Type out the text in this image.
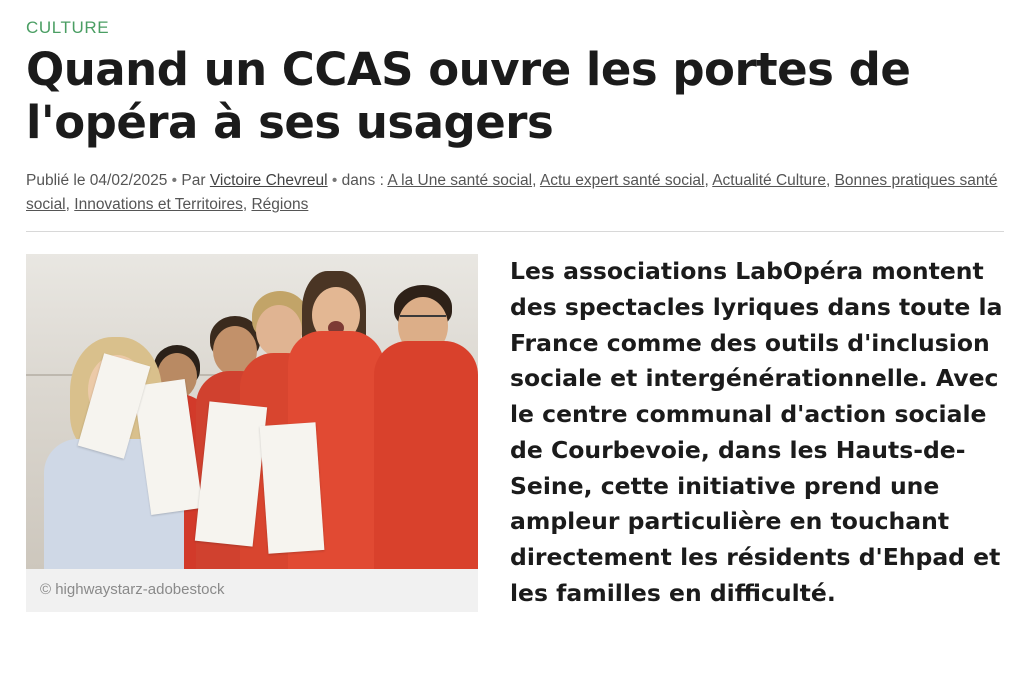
CULTURE
Quand un CCAS ouvre les portes de l'opéra à ses usagers
Publié le 04/02/2025 • Par Victoire Chevreul • dans : A la Une santé social, Actu expert santé social, Actualité Culture, Bonnes pratiques santé social, Innovations et Territoires, Régions
© highwaystarz-adobestock

Les associations LabOpéra montent des spectacles lyriques dans toute la France comme des outils d'inclusion sociale et intergénérationnelle. Avec le centre communal d'action sociale de Courbevoie, dans les Hauts-de-Seine, cette initiative prend une ampleur particulière en touchant directement les résidents d'Ehpad et les familles en difficulté.
